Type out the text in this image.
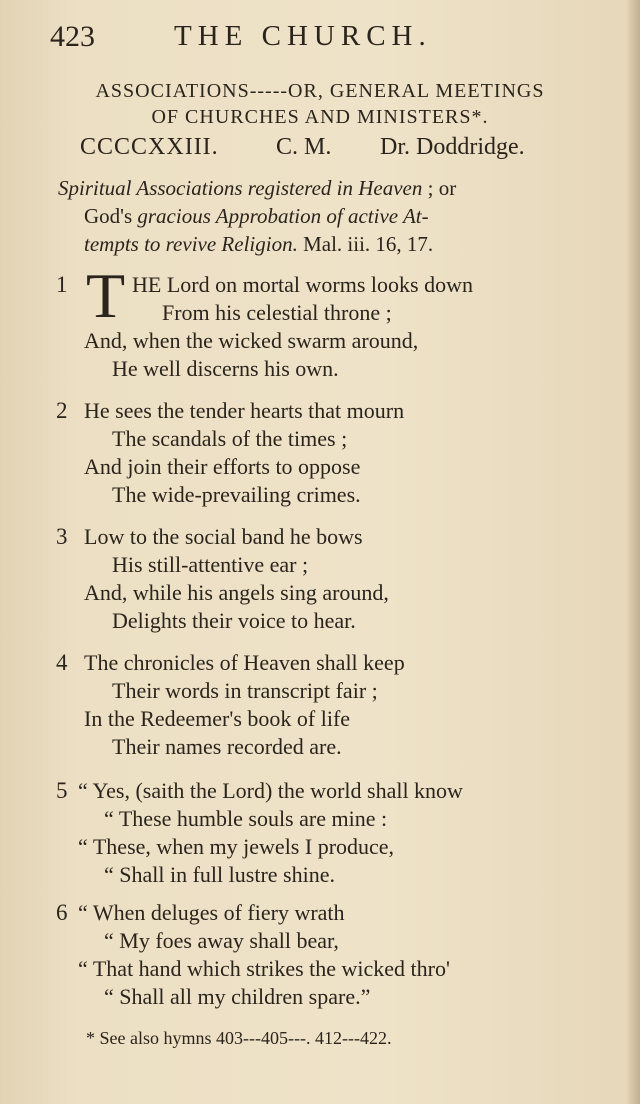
423	THE CHURCH.
ASSOCIATIONS-----OR, GENERAL MEETINGS
OF CHURCHES AND MINISTERS*.
CCCCXXIII. C. M. Dr. Doddridge.
Spiritual Associations registered in Heaven ; or
God's gracious Approbation of active At-
tempts to revive Religion. Mal. iii. 16, 17.
1 T HE Lord on mortal worms looks down
From his celestial throne ;
And, when the wicked swarm around,
He well discerns his own.
2 He sees the tender hearts that mourn
The scandals of the times ;
And join their efforts to oppose
The wide-prevailing crimes.
3 Low to the social band he bows
His still-attentive ear ;
And, while his angels sing around,
Delights their voice to hear.
4 The chronicles of Heaven shall keep
Their words in transcript fair ;
In the Redeemer's book of life
Their names recorded are.
5 “ Yes, (saith the Lord) the world shall know
“ These humble souls are mine :
“ These, when my jewels I produce,
“ Shall in full lustre shine.
6 “ When deluges of fiery wrath
“ My foes away shall bear,
“ That hand which strikes the wicked thro'
“ Shall all my children spare.”
* See also hymns 403---405---. 412---422.
